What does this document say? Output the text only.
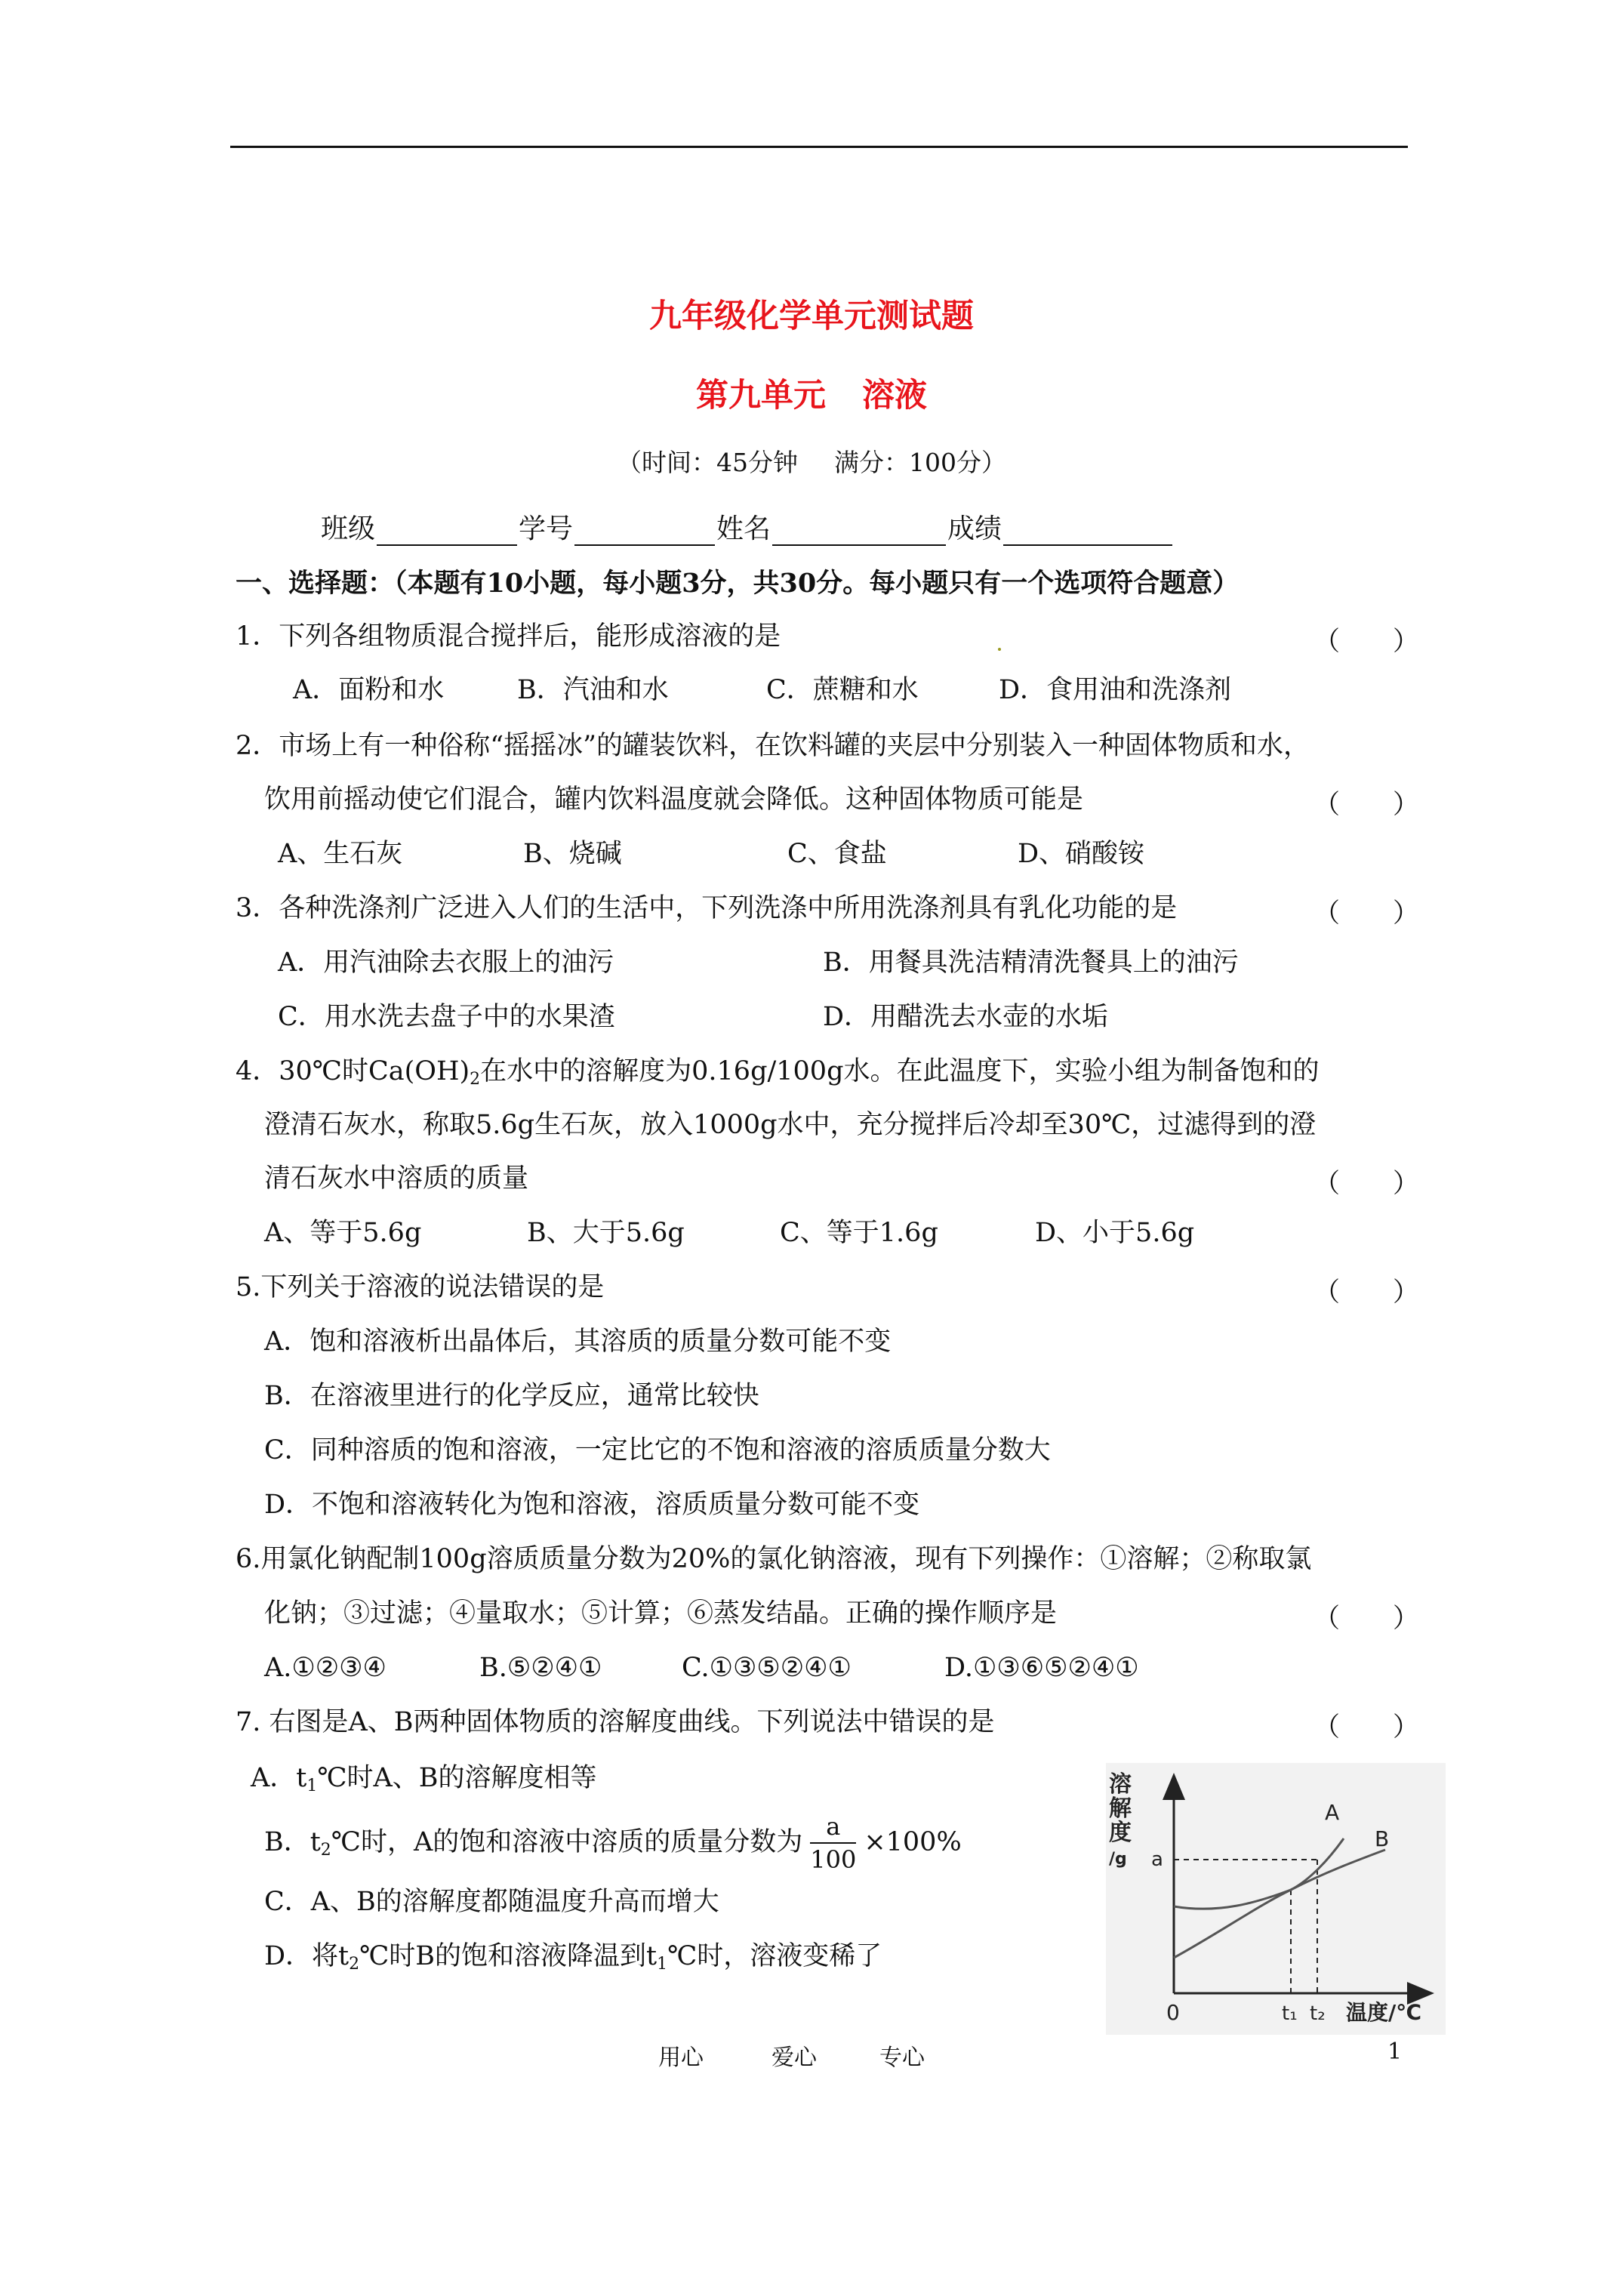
九年级化学单元测试题
第九单元 溶液
（时间：45分钟 满分：100分）
班级	学号	姓名	成绩
一、选择题：（本题有10小题，每小题3分，共30分。每小题只有一个选项符合题意）
1．下列各组物质混合搅拌后，能形成溶液的是	（　　）
A．面粉和水	B．汽油和水	C．蔗糖和水	D．食用油和洗涤剂
2．市场上有一种俗称“摇摇冰”的罐装饮料，在饮料罐的夹层中分别装入一种固体物质和水，
饮用前摇动使它们混合，罐内饮料温度就会降低。这种固体物质可能是	（　　）
A、生石灰	B、烧碱	C、食盐	D、硝酸铵
3．各种洗涤剂广泛进入人们的生活中，下列洗涤中所用洗涤剂具有乳化功能的是	（　　）
A．用汽油除去衣服上的油污	B．用餐具洗洁精清洗餐具上的油污
C．用水洗去盘子中的水果渣	D．用醋洗去水壶的水垢
4．30℃时$Ca(OH)_2$在水中的溶解度为0.16g/100g水。在此温度下，实验小组为制备饱和的
澄清石灰水，称取5.6g生石灰，放入1000g水中，充分搅拌后冷却至30℃，过滤得到的澄
清石灰水中溶质的质量	（　　）
A、等于5.6g	B、大于5.6g	C、等于1.6g	D、小于5.6g
5.下列关于溶液的说法错误的是	（　　）
A．饱和溶液析出晶体后，其溶质的质量分数可能不变
B．在溶液里进行的化学反应，通常比较快
C．同种溶质的饱和溶液，一定比它的不饱和溶液的溶质质量分数大
D．不饱和溶液转化为饱和溶液，溶质质量分数可能不变
6.用氯化钠配制100g溶质质量分数为20%的氯化钠溶液，现有下列操作：①溶解；②称取氯
化钠；③过滤；④量取水；⑤计算；⑥蒸发结晶。正确的操作顺序是	（　　）
A.①②③④	B.⑤②④①	C.①③⑤②④①	D.①③⑥⑤②④①
7. 右图是A、B两种固体物质的溶解度曲线。下列说法中错误的是	（　　）
A．$t_1℃$时A、B的溶解度相等
B．$t_2℃$时，A的饱和溶液中溶质的质量分数为 $\frac{a}{100} \times 100\%$
C．A、B的溶解度都随温度升高而增大
D．将$t_2℃$时B的饱和溶液降温到$t_1℃$时，溶液变稀了
溶
解
度
/g a
0	t₁ t₂ 温度/℃
A
B
用心	爱心	专心	1
